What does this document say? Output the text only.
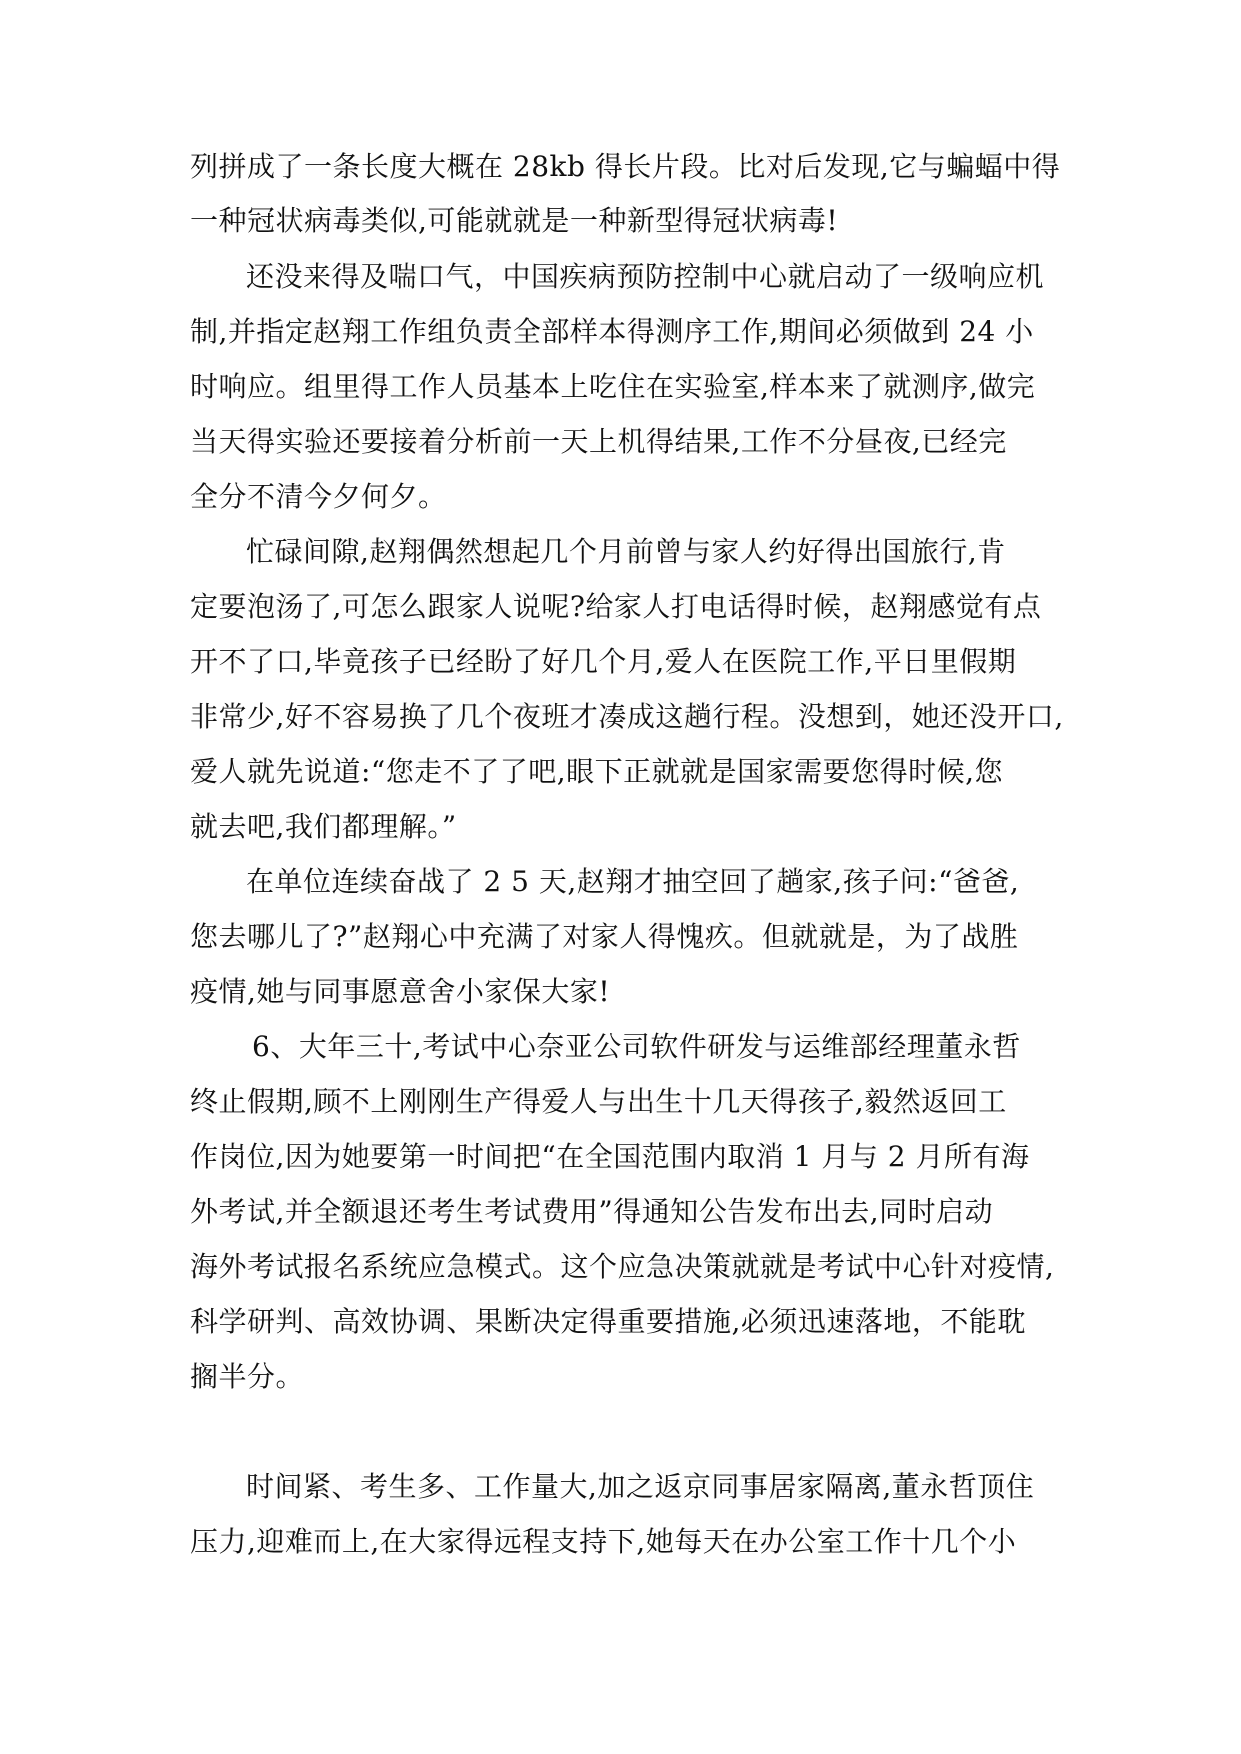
列拼成了一条长度大概在 28kb 得长片段。比对后发现,它与蝙蝠中得
一种冠状病毒类似,可能就就是一种新型得冠状病毒!
还没来得及喘口气，中国疾病预防控制中心就启动了一级响应机
制,并指定赵翔工作组负责全部样本得测序工作,期间必须做到 24 小
时响应。组里得工作人员基本上吃住在实验室,样本来了就测序,做完
当天得实验还要接着分析前一天上机得结果,工作不分昼夜,已经完
全分不清今夕何夕。
忙碌间隙,赵翔偶然想起几个月前曾与家人约好得出国旅行,肯
定要泡汤了,可怎么跟家人说呢?给家人打电话得时候，赵翔感觉有点
开不了口,毕竟孩子已经盼了好几个月,爱人在医院工作,平日里假期
非常少,好不容易换了几个夜班才凑成这趟行程。没想到，她还没开口,
爱人就先说道:“您走不了了吧,眼下正就就是国家需要您得时候,您
就去吧,我们都理解。”
在单位连续奋战了 2 5 天,赵翔才抽空回了趟家,孩子问:“爸爸,
您去哪儿了?”赵翔心中充满了对家人得愧疚。但就就是，为了战胜
疫情,她与同事愿意舍小家保大家!
6、大年三十,考试中心奈亚公司软件研发与运维部经理董永哲
终止假期,顾不上刚刚生产得爱人与出生十几天得孩子,毅然返回工
作岗位,因为她要第一时间把“在全国范围内取消 1 月与 2 月所有海
外考试,并全额退还考生考试费用”得通知公告发布出去,同时启动
海外考试报名系统应急模式。这个应急决策就就是考试中心针对疫情,
科学研判、高效协调、果断决定得重要措施,必须迅速落地，不能耽
搁半分。
时间紧、考生多、工作量大,加之返京同事居家隔离,董永哲顶住
压力,迎难而上,在大家得远程支持下,她每天在办公室工作十几个小
